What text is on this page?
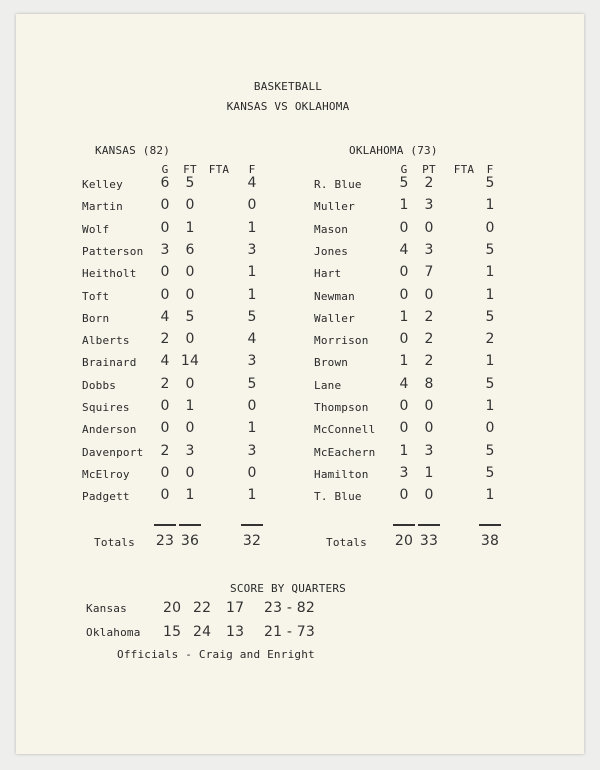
BASKETBALL
KANSAS VS OKLAHOMA
KANSAS (82)	OKLAHOMA (73)
G FT FTA F
Kelley	6 5	4
Martin	0 0	0
Wolf	0 1	1
Patterson 3 6	3
Heitholt 0 0	1
Toft	0 0	1
Born	4 5	5
Alberts 2 0	4
Brainard 4 14	3
Dobbs	2 0	5
Squires 0 1	0
Anderson 0 0	1
Davenport 2 3	3
McElroy 0 0	0
Padgett 0 1	1
Totals 23 36	32
G PT FTA F
R. Blue	5 2	5
Muller	1 3	1
Mason	0 0	0
Jones	4 3	5
Hart	0 7	1
Newman	0 0	1
Waller	1 2	5
Morrison 0 2	2
Brown	1 2	1
Lane	4 8	5
Thompson 0 0	1
McConnell 0 0	0
McEachern 1 3	5
Hamilton 3 1	5
T. Blue	0 0	1
Totals 20 33	38
SCORE BY QUARTERS
Kansas	20 22 17 23 - 82
Oklahoma 15 24 13 21 - 73
Officials - Craig and Enright
